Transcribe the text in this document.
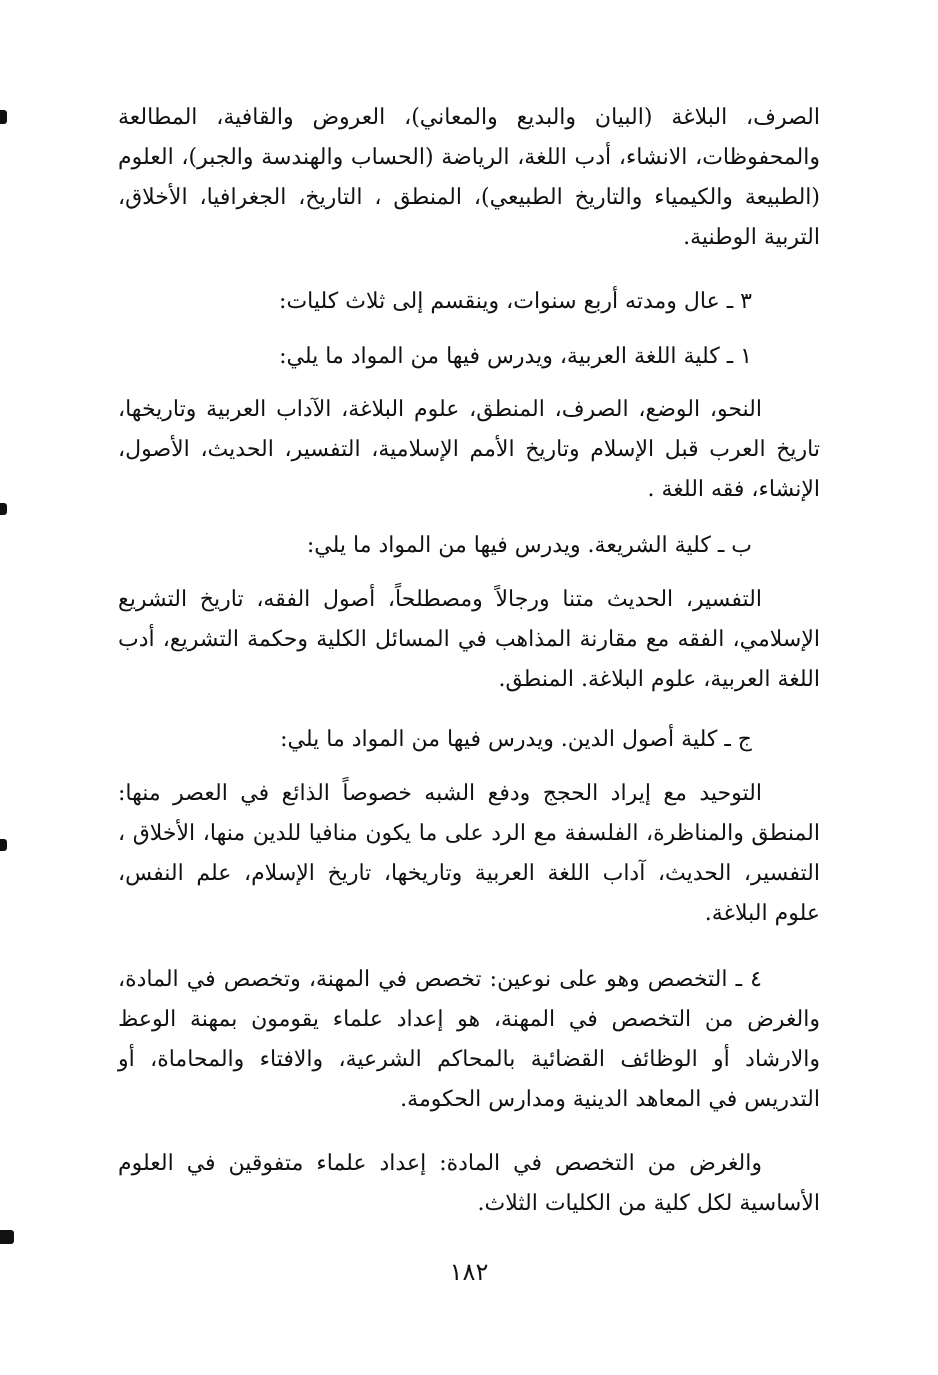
الصرف، البلاغة (البيان والبديع والمعاني)، العروض والقافية، المطالعة والمحفوظات، الانشاء، أدب اللغة، الرياضة (الحساب والهندسة والجبر)، العلوم (الطبيعة والكيمياء والتاريخ الطبيعي)، المنطق ، التاريخ، الجغرافيا، الأخلاق، التربية الوطنية.

٣ ـ عال ومدته أربع سنوات، وينقسم إلى ثلاث كليات:

١ ـ كلية اللغة العربية، ويدرس فيها من المواد ما يلي:

النحو، الوضع، الصرف، المنطق، علوم البلاغة، الآداب العربية وتاريخها، تاريخ العرب قبل الإسلام وتاريخ الأمم الإسلامية، التفسير، الحديث، الأصول، الإنشاء، فقه اللغة .

ب ـ كلية الشريعة. ويدرس فيها من المواد ما يلي:

التفسير، الحديث متنا ورجالاً ومصطلحاً، أصول الفقه، تاريخ التشريع الإسلامي، الفقه مع مقارنة المذاهب في المسائل الكلية وحكمة التشريع، أدب اللغة العربية، علوم البلاغة. المنطق.

ج ـ كلية أصول الدين. ويدرس فيها من المواد ما يلي:

التوحيد مع إيراد الحجج ودفع الشبه خصوصاً الذائع في العصر منها: المنطق والمناظرة، الفلسفة مع الرد على ما يكون منافيا للدين منها، الأخلاق ، التفسير، الحديث، آداب اللغة العربية وتاريخها، تاريخ الإسلام، علم النفس، علوم البلاغة.

٤ ـ التخصص وهو على نوعين: تخصص في المهنة، وتخصص في المادة، والغرض من التخصص في المهنة، هو إعداد علماء يقومون بمهنة الوعظ والارشاد أو الوظائف القضائية بالمحاكم الشرعية، والافتاء والمحاماة، أو التدريس في المعاهد الدينية ومدارس الحكومة.

والغرض من التخصص في المادة: إعداد علماء متفوقين في العلوم الأساسية لكل كلية من الكليات الثلاث.

١٨٢
